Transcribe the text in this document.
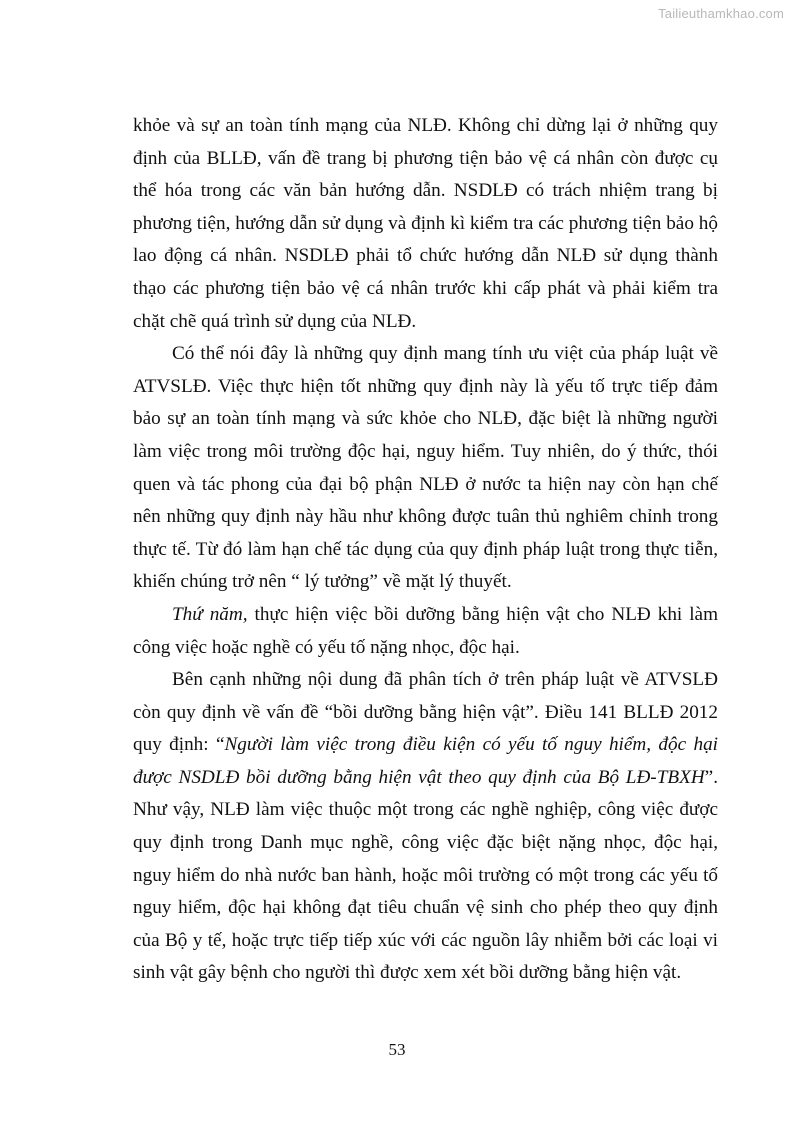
Tailieuthamkhao.com

khỏe và sự an toàn tính mạng của NLĐ. Không chỉ dừng lại ở những quy định của BLLĐ, vấn đề trang bị phương tiện bảo vệ cá nhân còn được cụ thể hóa trong các văn bản hướng dẫn. NSDLĐ có trách nhiệm trang bị phương tiện, hướng dẫn sử dụng và định kì kiểm tra các phương tiện bảo hộ lao động cá nhân. NSDLĐ phải tổ chức hướng dẫn NLĐ sử dụng thành thạo các phương tiện bảo vệ cá nhân trước khi cấp phát và phải kiểm tra chặt chẽ quá trình sử dụng của NLĐ.

Có thể nói đây là những quy định mang tính ưu việt của pháp luật về ATVSLĐ. Việc thực hiện tốt những quy định này là yếu tố trực tiếp đảm bảo sự an toàn tính mạng và sức khỏe cho NLĐ, đặc biệt là những người làm việc trong môi trường độc hại, nguy hiểm. Tuy nhiên, do ý thức, thói quen và tác phong của đại bộ phận NLĐ ở nước ta hiện nay còn hạn chế nên những quy định này hầu như không được tuân thủ nghiêm chỉnh trong thực tế. Từ đó làm hạn chế tác dụng của quy định pháp luật trong thực tiễn, khiến chúng trở nên “ lý tưởng” về mặt lý thuyết.

Thứ năm, thực hiện việc bồi dưỡng bằng hiện vật cho NLĐ khi làm công việc hoặc nghề có yếu tố nặng nhọc, độc hại.

Bên cạnh những nội dung đã phân tích ở trên pháp luật về ATVSLĐ còn quy định về vấn đề “bồi dưỡng bằng hiện vật”. Điều 141 BLLĐ 2012 quy định: “Người làm việc trong điều kiện có yếu tố nguy hiểm, độc hại được NSDLĐ bồi dưỡng bằng hiện vật theo quy định của Bộ LĐ-TBXH”. Như vậy, NLĐ làm việc thuộc một trong các nghề nghiệp, công việc được quy định trong Danh mục nghề, công việc đặc biệt nặng nhọc, độc hại, nguy hiểm do nhà nước ban hành, hoặc môi trường có một trong các yếu tố nguy hiểm, độc hại không đạt tiêu chuẩn vệ sinh cho phép theo quy định của Bộ y tế, hoặc trực tiếp tiếp xúc với các nguồn lây nhiễm bởi các loại vi sinh vật gây bệnh cho người thì được xem xét bồi dưỡng bằng hiện vật.

53
